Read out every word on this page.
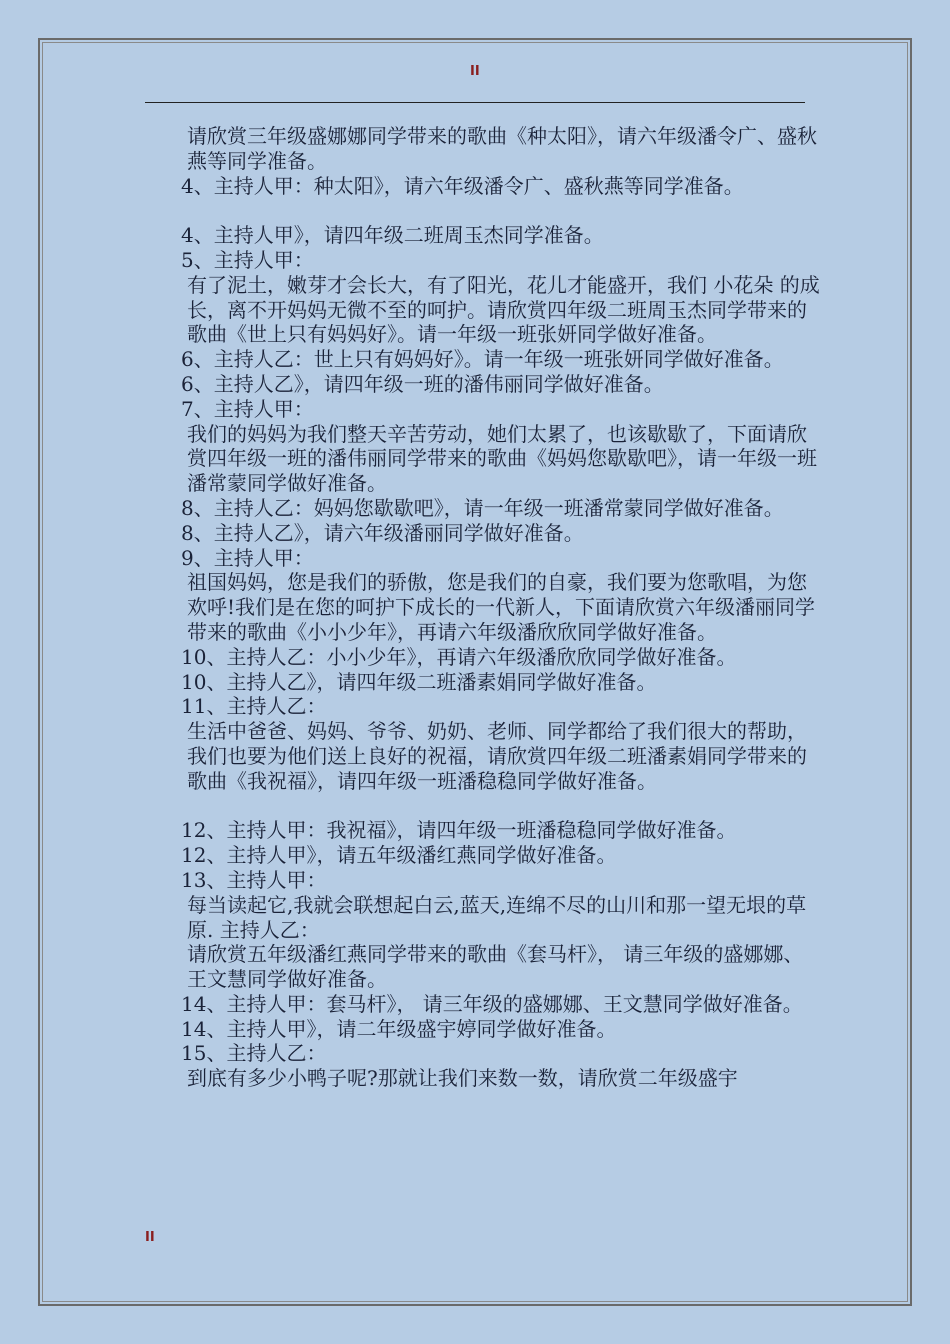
II

请欣赏三年级盛娜娜同学带来的歌曲《种太阳》，请六年级潘令广、盛秋燕等同学准备。

4、主持人甲：种太阳》，请六年级潘令广、盛秋燕等同学准备。

4、主持人甲》，请四年级二班周玉杰同学准备。

5、主持人甲：

有了泥土，嫩芽才会长大，有了阳光，花儿才能盛开，我们 小花朵 的成长，离不开妈妈无微不至的呵护。请欣赏四年级二班周玉杰同学带来的歌曲《世上只有妈妈好》。请一年级一班张妍同学做好准备。

6、主持人乙：世上只有妈妈好》。请一年级一班张妍同学做好准备。

6、主持人乙》，请四年级一班的潘伟丽同学做好准备。

7、主持人甲：

我们的妈妈为我们整天辛苦劳动，她们太累了，也该歇歇了，下面请欣赏四年级一班的潘伟丽同学带来的歌曲《妈妈您歇歇吧》，请一年级一班潘常蒙同学做好准备。

8、主持人乙：妈妈您歇歇吧》，请一年级一班潘常蒙同学做好准备。

8、主持人乙》，请六年级潘丽同学做好准备。

9、主持人甲：

祖国妈妈，您是我们的骄傲，您是我们的自豪，我们要为您歌唱，为您欢呼!我们是在您的呵护下成长的一代新人，下面请欣赏六年级潘丽同学带来的歌曲《小小少年》，再请六年级潘欣欣同学做好准备。

10、主持人乙：小小少年》，再请六年级潘欣欣同学做好准备。

10、主持人乙》，请四年级二班潘素娟同学做好准备。

11、主持人乙：

生活中爸爸、妈妈、爷爷、奶奶、老师、同学都给了我们很大的帮助，我们也要为他们送上良好的祝福，请欣赏四年级二班潘素娟同学带来的歌曲《我祝福》，请四年级一班潘稳稳同学做好准备。

12、主持人甲：我祝福》，请四年级一班潘稳稳同学做好准备。

12、主持人甲》，请五年级潘红燕同学做好准备。

13、主持人甲：

每当读起它,我就会联想起白云,蓝天,连绵不尽的山川和那一望无垠的草原. 主持人乙：

请欣赏五年级潘红燕同学带来的歌曲《套马杆》， 请三年级的盛娜娜、王文慧同学做好准备。

14、主持人甲：套马杆》， 请三年级的盛娜娜、王文慧同学做好准备。

14、主持人甲》，请二年级盛宇婷同学做好准备。

15、主持人乙：

到底有多少小鸭子呢?那就让我们来数一数，请欣赏二年级盛宇

II
